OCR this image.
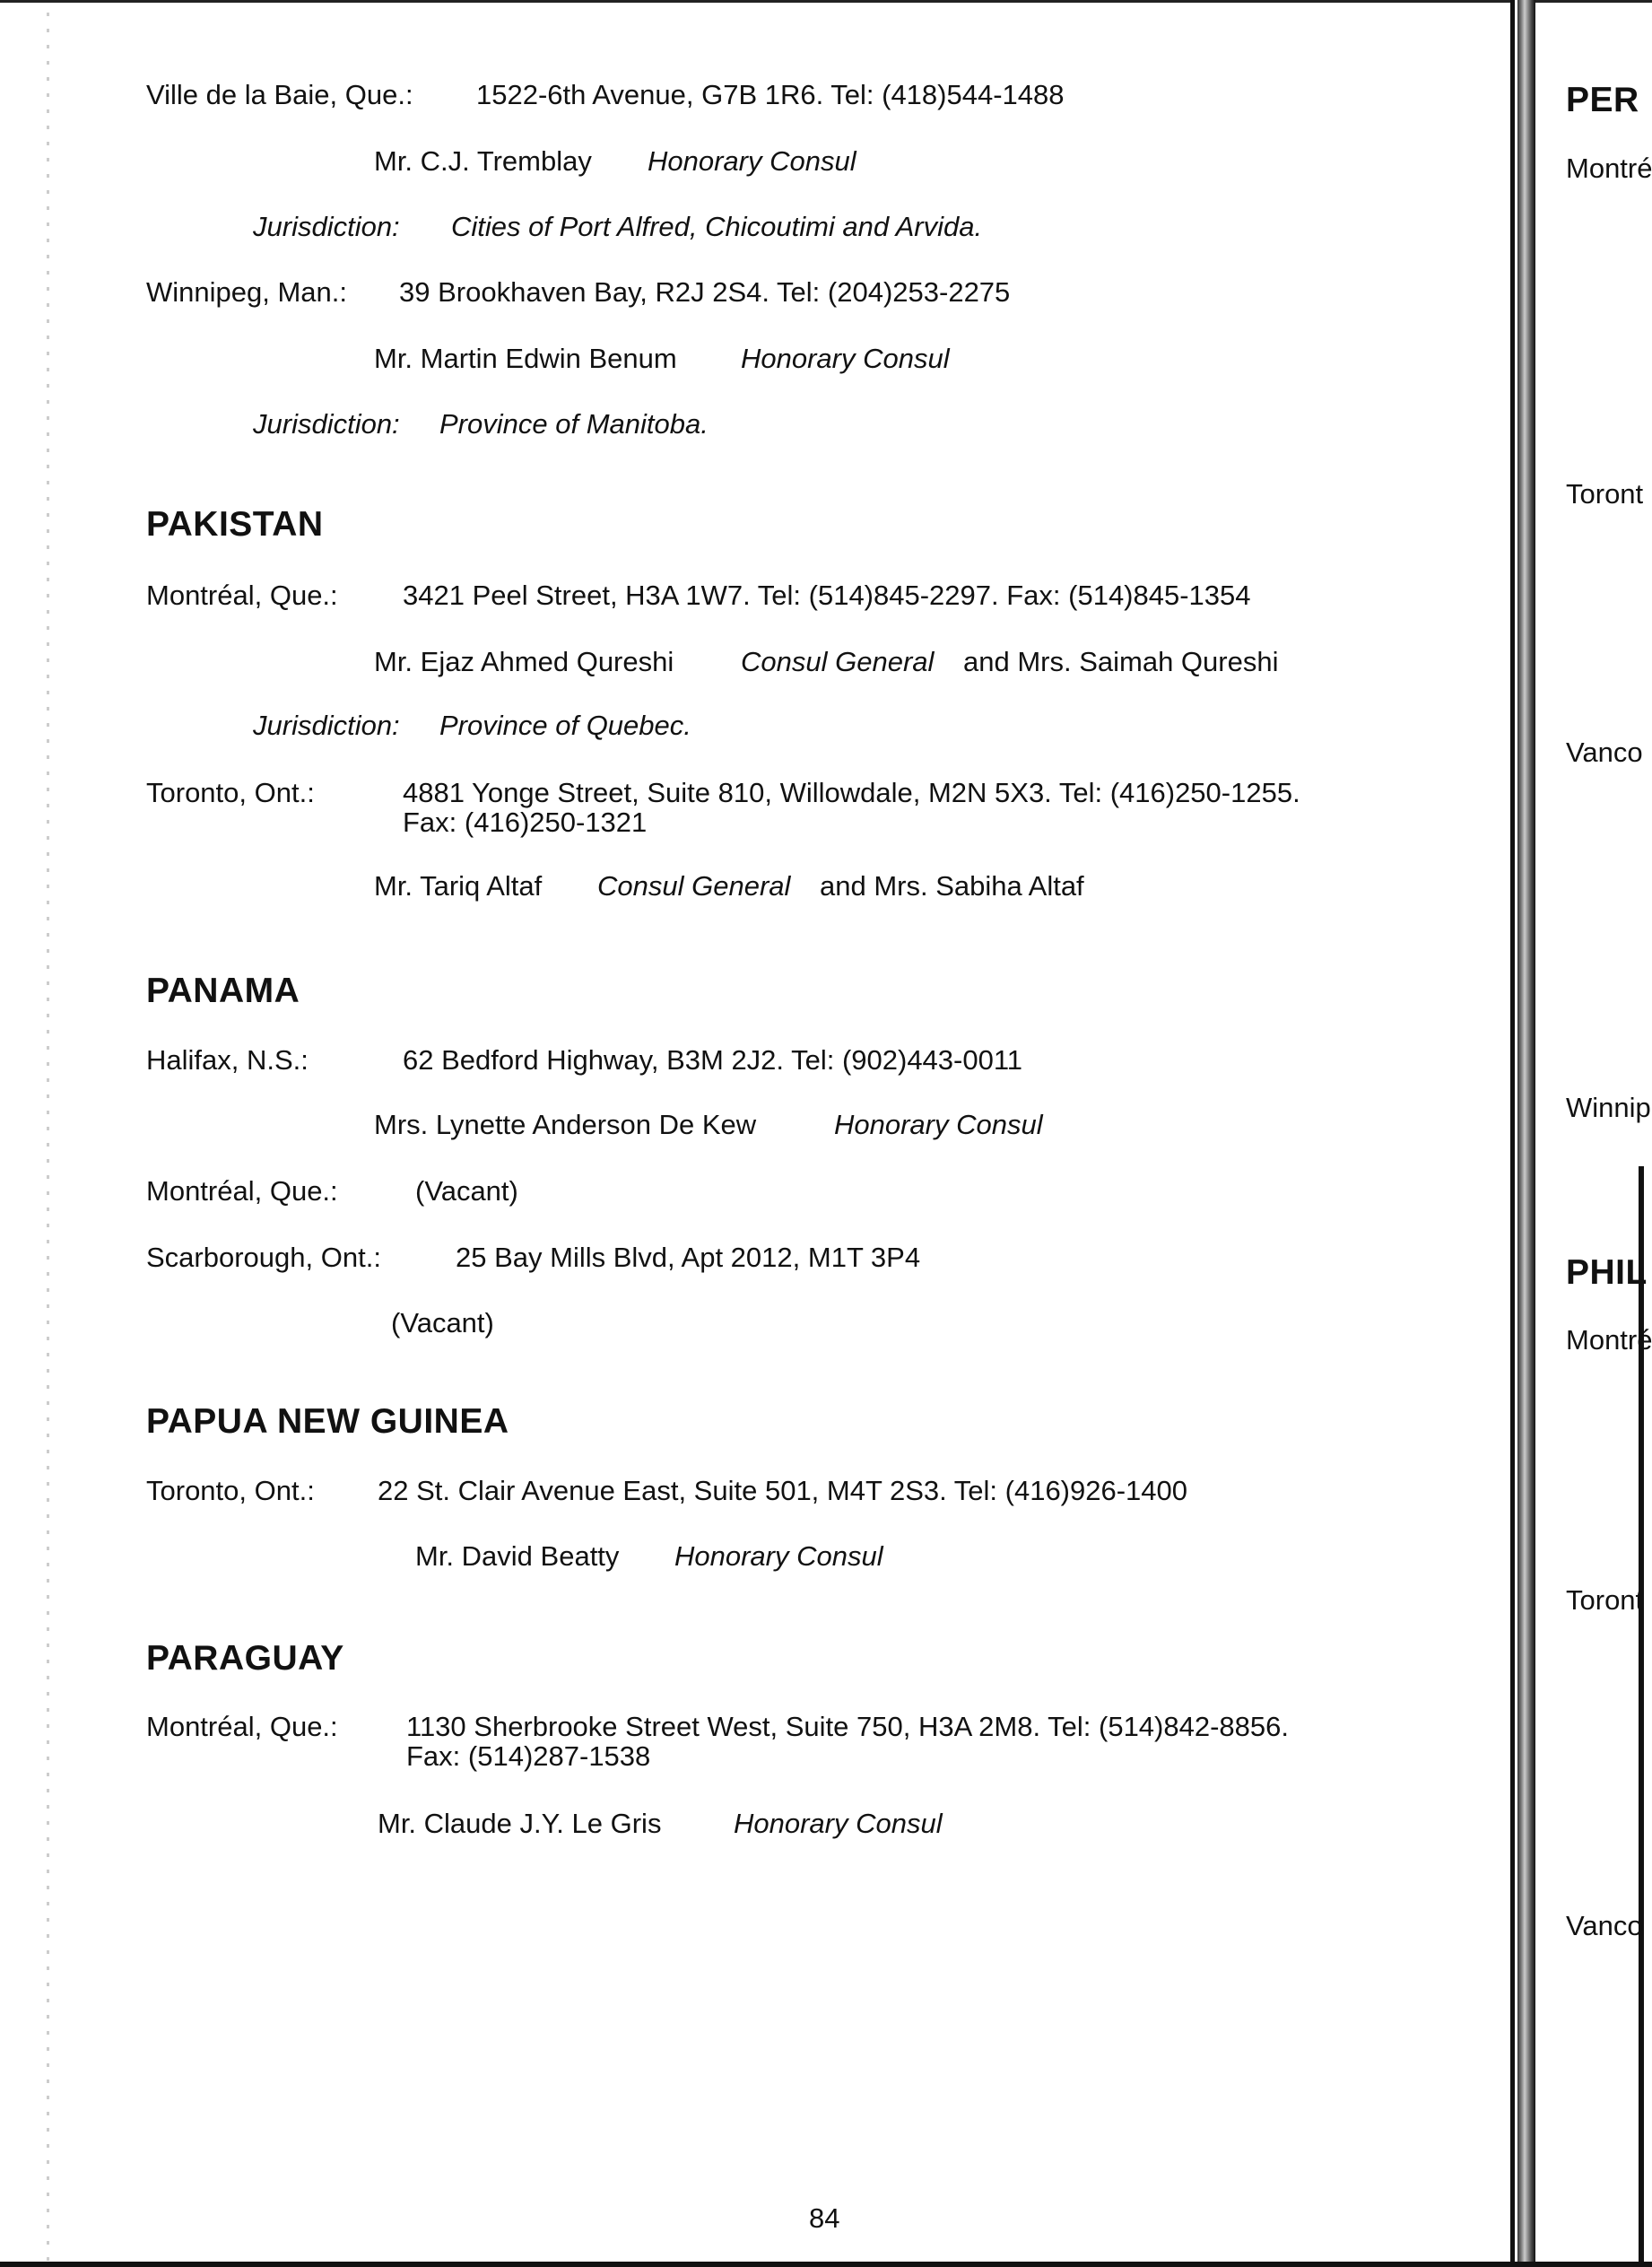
Ville de la Baie, Que.: 1522-6th Avenue, G7B 1R6. Tel: (418)544-1488
Mr. C.J. Tremblay Honorary Consul
Jurisdiction: Cities of Port Alfred, Chicoutimi and Arvida.
Winnipeg, Man.: 39 Brookhaven Bay, R2J 2S4. Tel: (204)253-2275
Mr. Martin Edwin Benum Honorary Consul
Jurisdiction: Province of Manitoba.
PAKISTAN
Montréal, Que.: 3421 Peel Street, H3A 1W7. Tel: (514)845-2297. Fax: (514)845-1354
Mr. Ejaz Ahmed Qureshi Consul General and Mrs. Saimah Qureshi
Jurisdiction: Province of Quebec.
Toronto, Ont.:	4881 Yonge Street, Suite 810, Willowdale, M2N 5X3. Tel: (416)250-1255.
Fax: (416)250-1321
Mr. Tariq Altaf Consul General and Mrs. Sabiha Altaf
PANAMA
Halifax, N.S.:	62 Bedford Highway, B3M 2J2. Tel: (902)443-0011
Mrs. Lynette Anderson De Kew	Honorary Consul
Montréal, Que.:	(Vacant)
Scarborough, Ont.:	25 Bay Mills Blvd, Apt 2012, M1T 3P4
(Vacant)
PAPUA NEW GUINEA
Toronto, Ont.: 22 St. Clair Avenue East, Suite 501, M4T 2S3. Tel: (416)926-1400
Mr. David Beatty Honorary Consul
PARAGUAY
Montréal, Que.: 1130 Sherbrooke Street West, Suite 750, H3A 2M8. Tel: (514)842-8856.
Fax: (514)287-1538
Mr. Claude J.Y. Le Gris	Honorary Consul
84
PER
Montré
Toront
Vanco
Winnip
PHIL
Montré
Toront
Vanco
